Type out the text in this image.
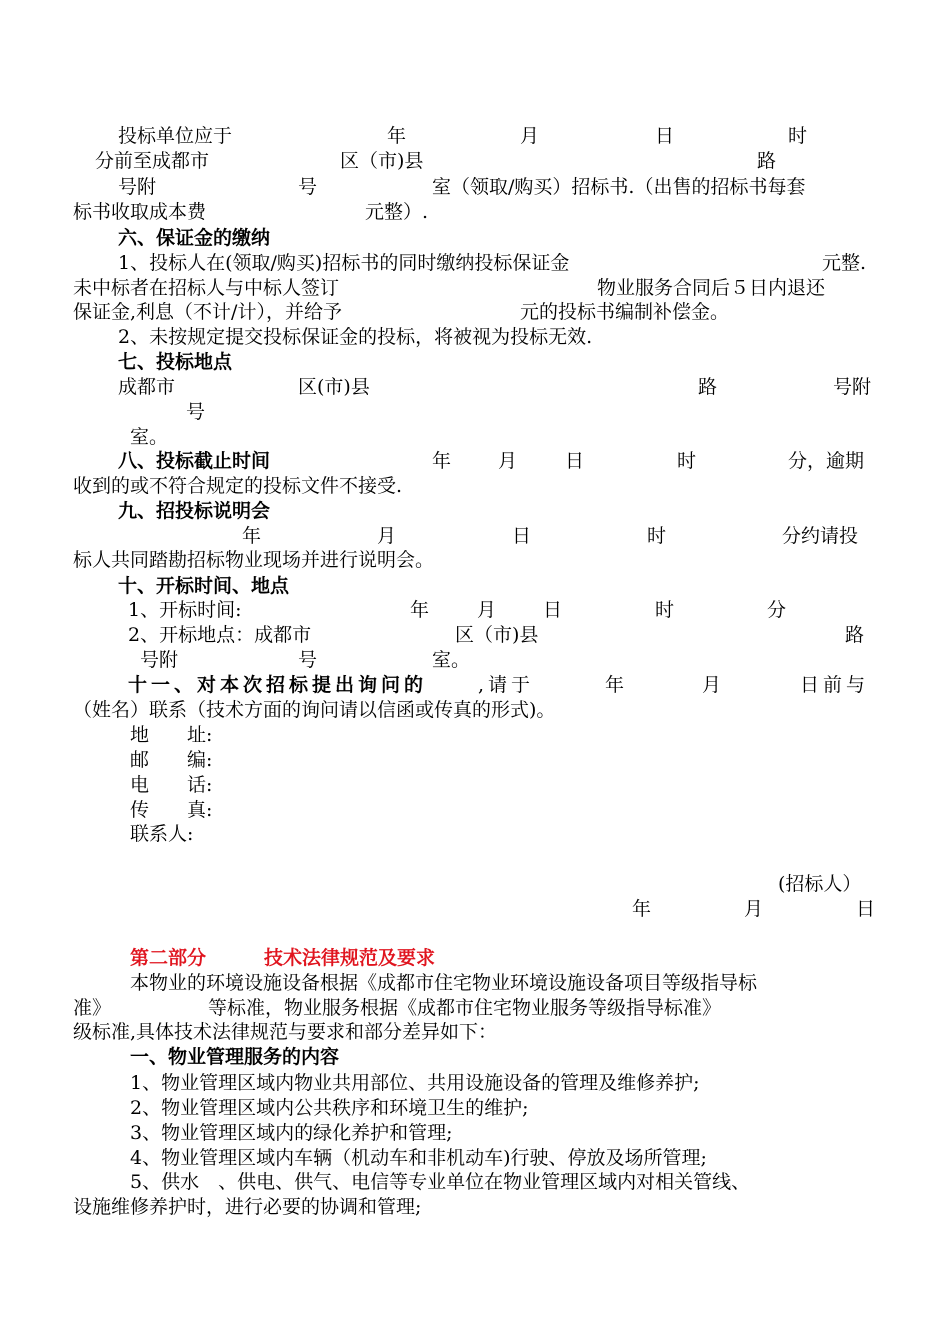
投标单位应于	年	月	日	时
分前至成都市	区（市)县	路
号附	号	室（领取/购买）招标书.（出售的招标书每套
标书收取成本费	元整）.
六、保证金的缴纳
1、投标人在(领取/购买)招标书的同时缴纳投标保证金	元整.
未中标者在招标人与中标人签订	物业服务合同后５日内退还
保证金,利息（不计/计），并给予	元的投标书编制补偿金。
2、未按规定提交投标保证金的投标，将被视为投标无效.
七、投标地点
成都市	区(市)县	路	号附
号
室。
八、投标截止时间	年 月	日	时	分，逾期
收到的或不符合规定的投标文件不接受.
九、招投标说明会
年	月	日	时	分约请投
标人共同踏勘招标物业现场并进行说明会。
十、开标时间、地点
1、开标时间:	年	月 日	时	分
2、开标地点：成都市	区（市)县	路
号附	号	室。
十一、对本次招标提出询问的	,请于	年	月	日前与
（姓名）联系（技术方面的询问请以信函或传真的形式)。
地　　址:
邮　　编:
电　　话:
传　　真:
联系人:
(招标人）
年	月	日
第二部分	技术法律规范及要求
本物业的环境设施设备根据《成都市住宅物业环境设施设备项目等级指导标
准》	等标准，物业服务根据《成都市住宅物业服务等级指导标准》
级标准,具体技术法律规范与要求和部分差异如下：
一、物业管理服务的内容
1、物业管理区域内物业共用部位、共用设施设备的管理及维修养护;
2、物业管理区域内公共秩序和环境卫生的维护;
3、物业管理区域内的绿化养护和管理;
4、物业管理区域内车辆（机动车和非机动车)行驶、停放及场所管理;
5、供水　、供电、供气、电信等专业单位在物业管理区域内对相关管线、
设施维修养护时，进行必要的协调和管理;
